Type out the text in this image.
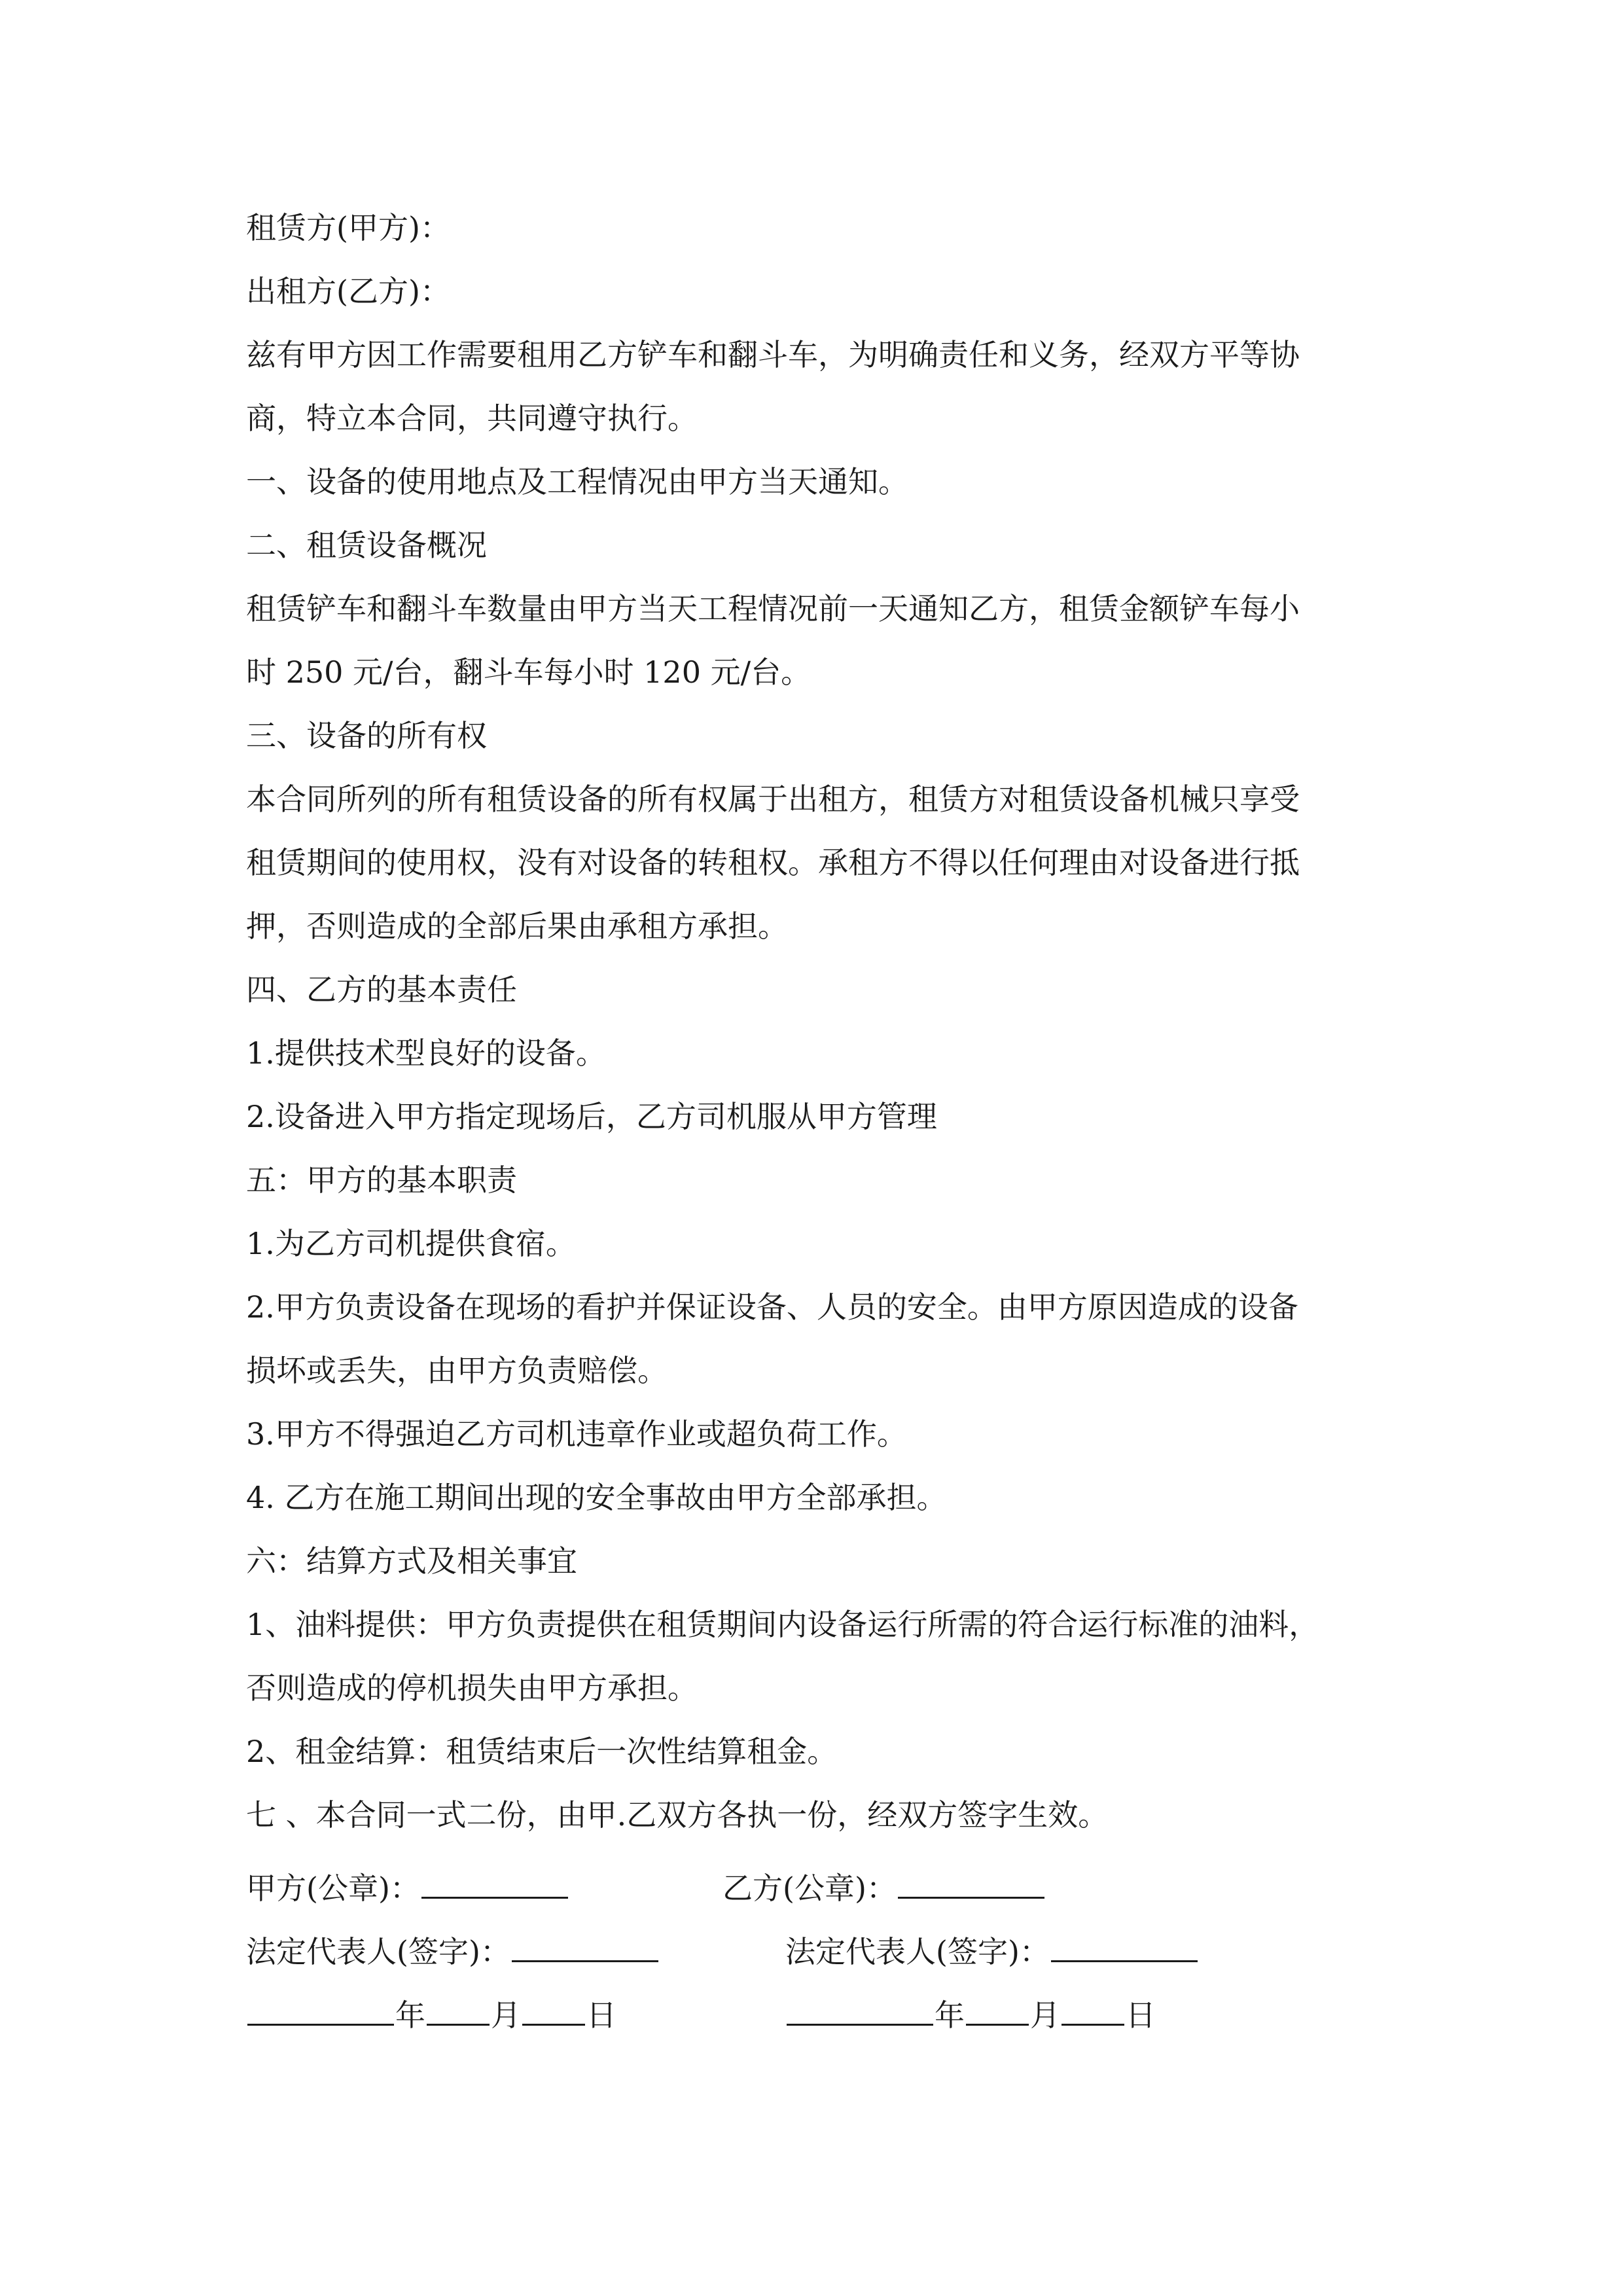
租赁方(甲方)：
出租方(乙方)：
兹有甲方因工作需要租用乙方铲车和翻斗车，为明确责任和义务，经双方平等协
商，特立本合同，共同遵守执行。
一、设备的使用地点及工程情况由甲方当天通知。
二、租赁设备概况
租赁铲车和翻斗车数量由甲方当天工程情况前一天通知乙方，租赁金额铲车每小
时 250 元/台，翻斗车每小时 120 元/台。
三、设备的所有权
本合同所列的所有租赁设备的所有权属于出租方，租赁方对租赁设备机械只享受
租赁期间的使用权，没有对设备的转租权。承租方不得以任何理由对设备进行抵
押，否则造成的全部后果由承租方承担。
四、乙方的基本责任
1.提供技术型良好的设备。
2.设备进入甲方指定现场后，乙方司机服从甲方管理
五：甲方的基本职责
1.为乙方司机提供食宿。
2.甲方负责设备在现场的看护并保证设备、人员的安全。由甲方原因造成的设备
损坏或丢失，由甲方负责赔偿。
3.甲方不得强迫乙方司机违章作业或超负荷工作。
4. 乙方在施工期间出现的安全事故由甲方全部承担。
六：结算方式及相关事宜
1、油料提供：甲方负责提供在租赁期间内设备运行所需的符合运行标准的油料，
否则造成的停机损失由甲方承担。
2、租金结算：租赁结束后一次性结算租金。
七 、本合同一式二份，由甲.乙双方各执一份，经双方签字生效。
甲方(公章)：	乙方(公章)：
法定代表人(签字)：	法定代表人(签字)：
年 月 日	年 月 日
